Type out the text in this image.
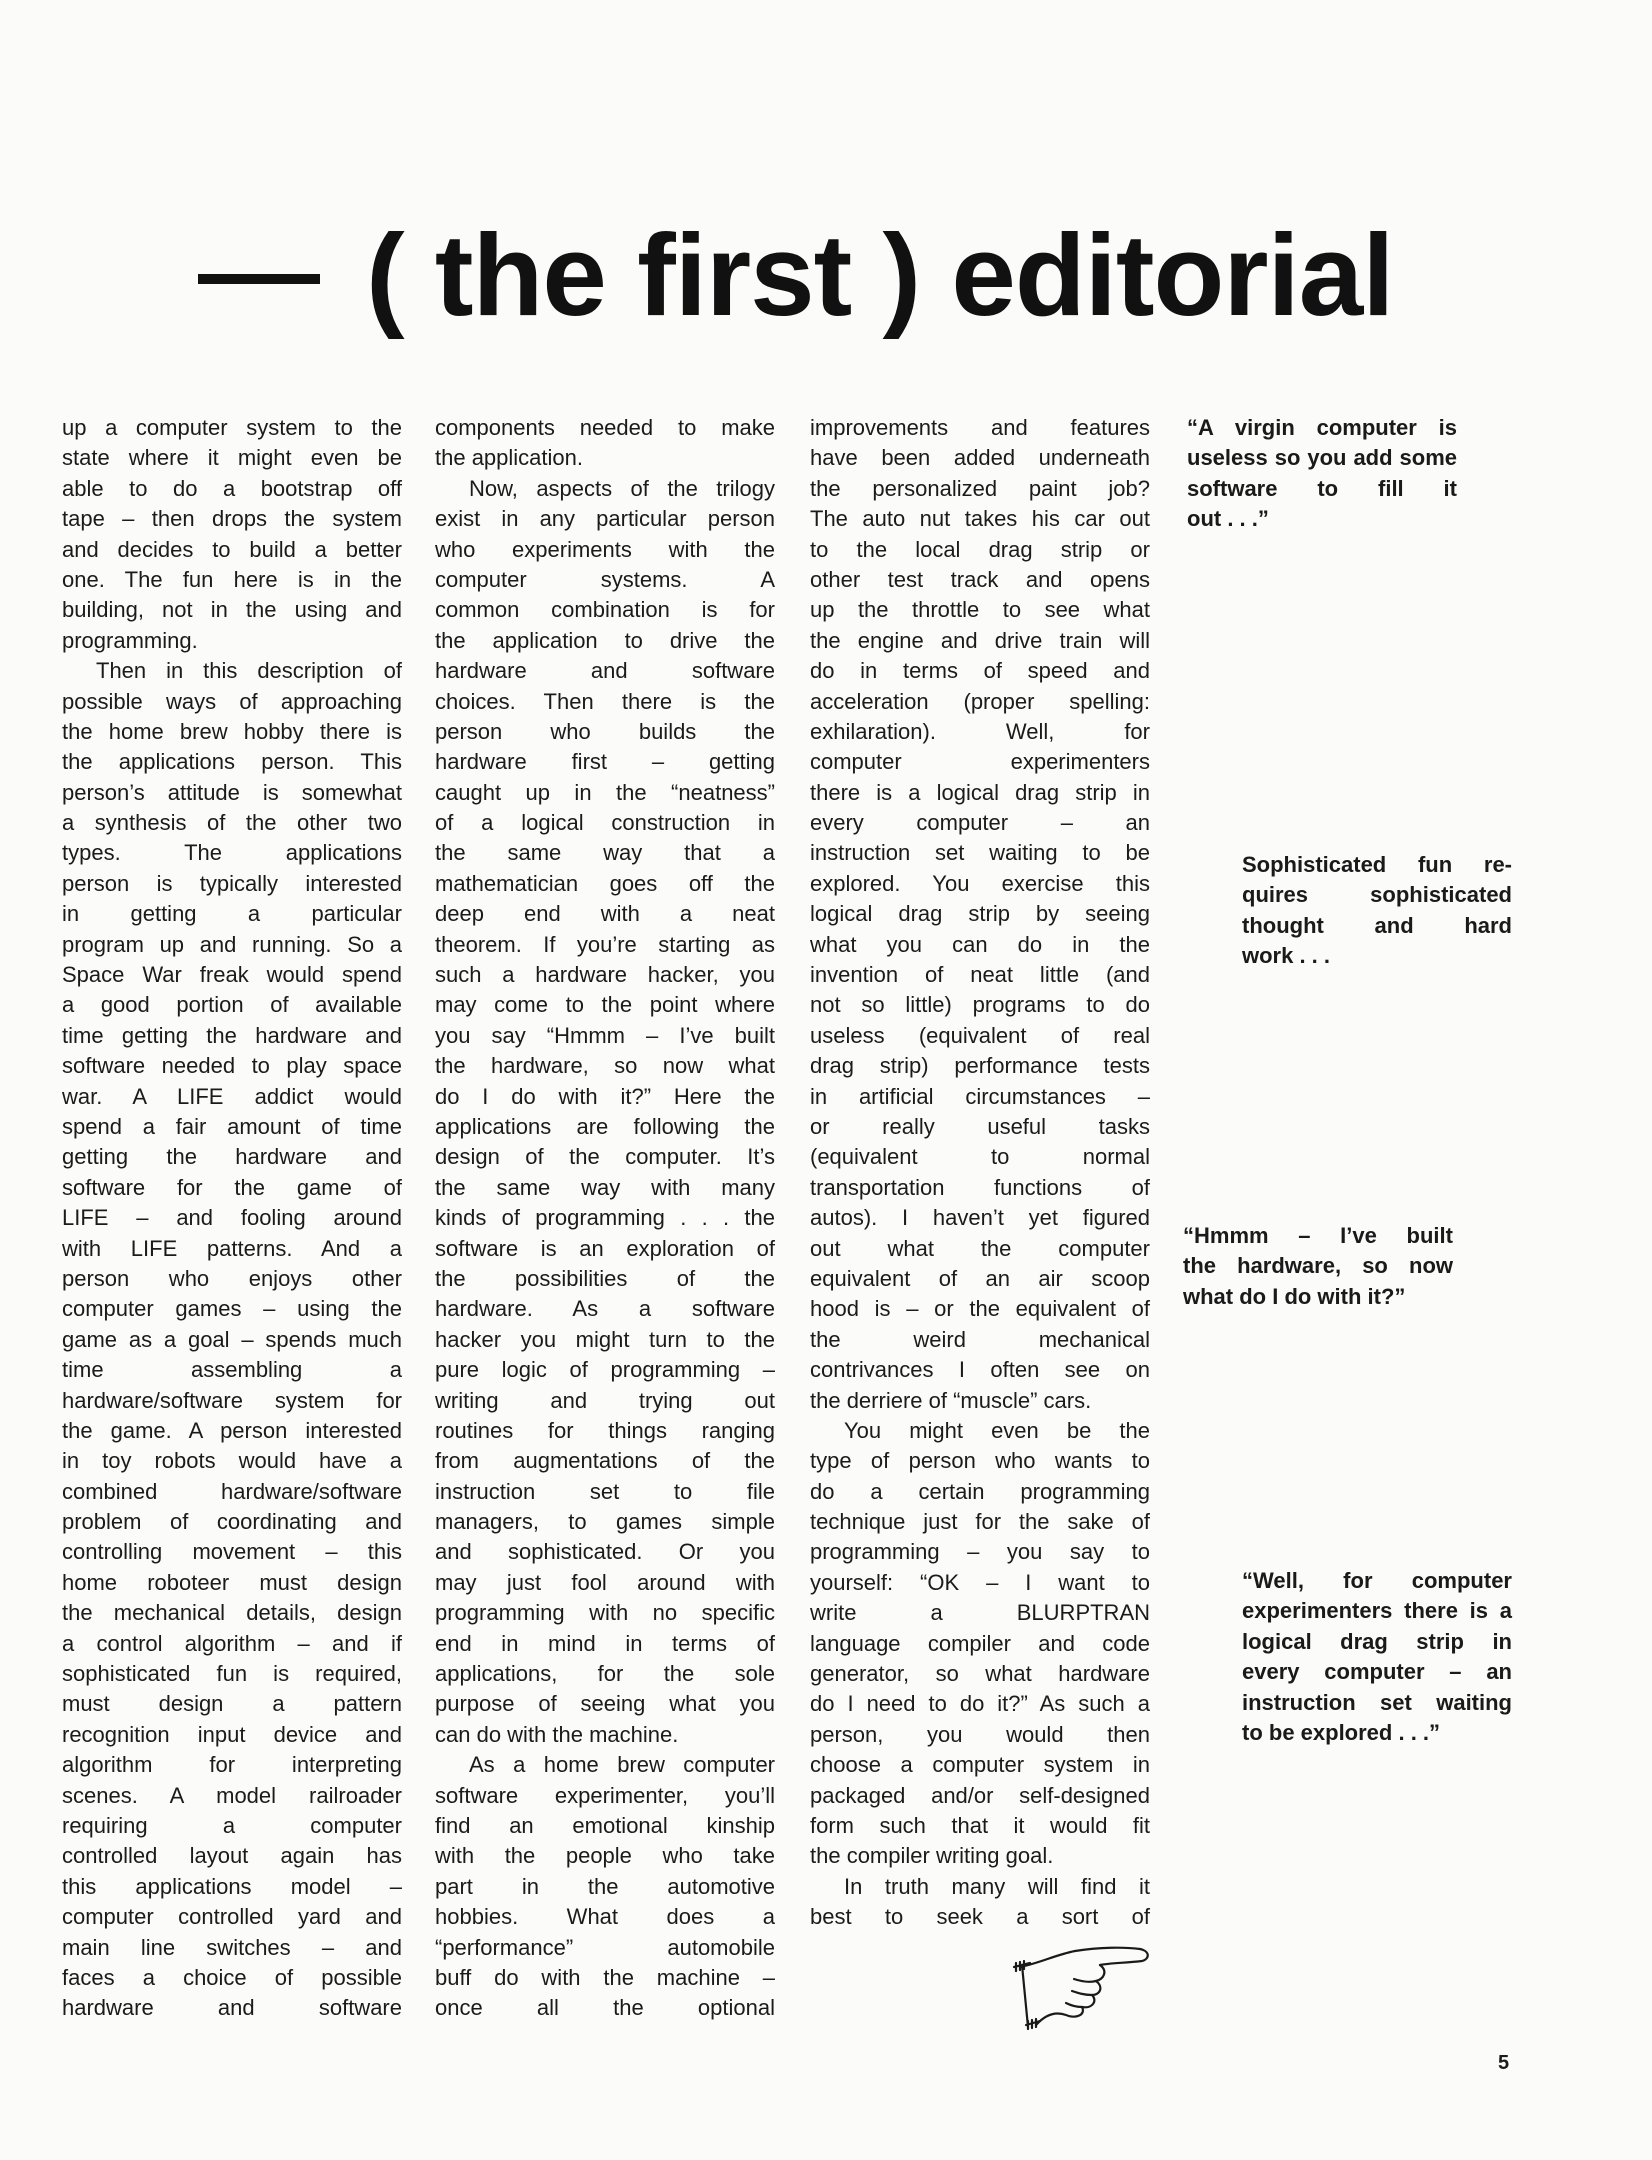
( the first ) editorial
up a computer system to the
state where it might even be
able to do a bootstrap off
tape – then drops the system
and decides to build a better
one. The fun here is in the
building, not in the using and
programming.
Then in this description of
possible ways of approaching
the home brew hobby there is
the applications person. This
person’s attitude is somewhat
a synthesis of the other two
types. The applications
person is typically interested
in getting a particular
program up and running. So a
Space War freak would spend
a good portion of available
time getting the hardware and
software needed to play space
war. A LIFE addict would
spend a fair amount of time
getting the hardware and
software for the game of
LIFE – and fooling around
with LIFE patterns. And a
person who enjoys other
computer games – using the
game as a goal – spends much
time assembling a
hardware/software system for
the game. A person interested
in toy robots would have a
combined hardware/software
problem of coordinating and
controlling movement – this
home roboteer must design
the mechanical details, design
a control algorithm – and if
sophisticated fun is required,
must design a pattern
recognition input device and
algorithm for interpreting
scenes. A model railroader
requiring a computer
controlled layout again has
this applications model –
computer controlled yard and
main line switches – and
faces a choice of possible
hardware and software
components needed to make
the application.
Now, aspects of the trilogy
exist in any particular person
who experiments with the
computer systems. A
common combination is for
the application to drive the
hardware and software
choices. Then there is the
person who builds the
hardware first – getting
caught up in the “neatness”
of a logical construction in
the same way that a
mathematician goes off the
deep end with a neat
theorem. If you’re starting as
such a hardware hacker, you
may come to the point where
you say “Hmmm – I’ve built
the hardware, so now what
do I do with it?” Here the
applications are following the
design of the computer. It’s
the same way with many
kinds of programming . . . the
software is an exploration of
the possibilities of the
hardware. As a software
hacker you might turn to the
pure logic of programming –
writing and trying out
routines for things ranging
from augmentations of the
instruction set to file
managers, to games simple
and sophisticated. Or you
may just fool around with
programming with no specific
end in mind in terms of
applications, for the sole
purpose of seeing what you
can do with the machine.
As a home brew computer
software experimenter, you’ll
find an emotional kinship
with the people who take
part in the automotive
hobbies. What does a
“performance” automobile
buff do with the machine –
once all the optional
improvements and features
have been added underneath
the personalized paint job?
The auto nut takes his car out
to the local drag strip or
other test track and opens
up the throttle to see what
the engine and drive train will
do in terms of speed and
acceleration (proper spelling:
exhilaration). Well, for
computer experimenters
there is a logical drag strip in
every computer – an
instruction set waiting to be
explored. You exercise this
logical drag strip by seeing
what you can do in the
invention of neat little (and
not so little) programs to do
useless (equivalent of real
drag strip) performance tests
in artificial circumstances –
or really useful tasks
(equivalent to normal
transportation functions of
autos). I haven’t yet figured
out what the computer
equivalent of an air scoop
hood is – or the equivalent of
the weird mechanical
contrivances I often see on
the derriere of “muscle” cars.
You might even be the
type of person who wants to
do a certain programming
technique just for the sake of
programming – you say to
yourself: “OK – I want to
write a BLURPTRAN
language compiler and code
generator, so what hardware
do I need to do it?” As such a
person, you would then
choose a computer system in
packaged and/or self-designed
form such that it would fit
the compiler writing goal.
In truth many will find it
best to seek a sort of
“A virgin computer is
useless so you add some
software to fill it
out . . .”
Sophisticated fun re-
quires sophisticated
thought and hard
work . . .
“Hmmm – I’ve built
the hardware, so now
what do I do with it?”
“Well, for computer
experimenters there is a
logical drag strip in
every computer – an
instruction set waiting
to be explored . . .”
5
